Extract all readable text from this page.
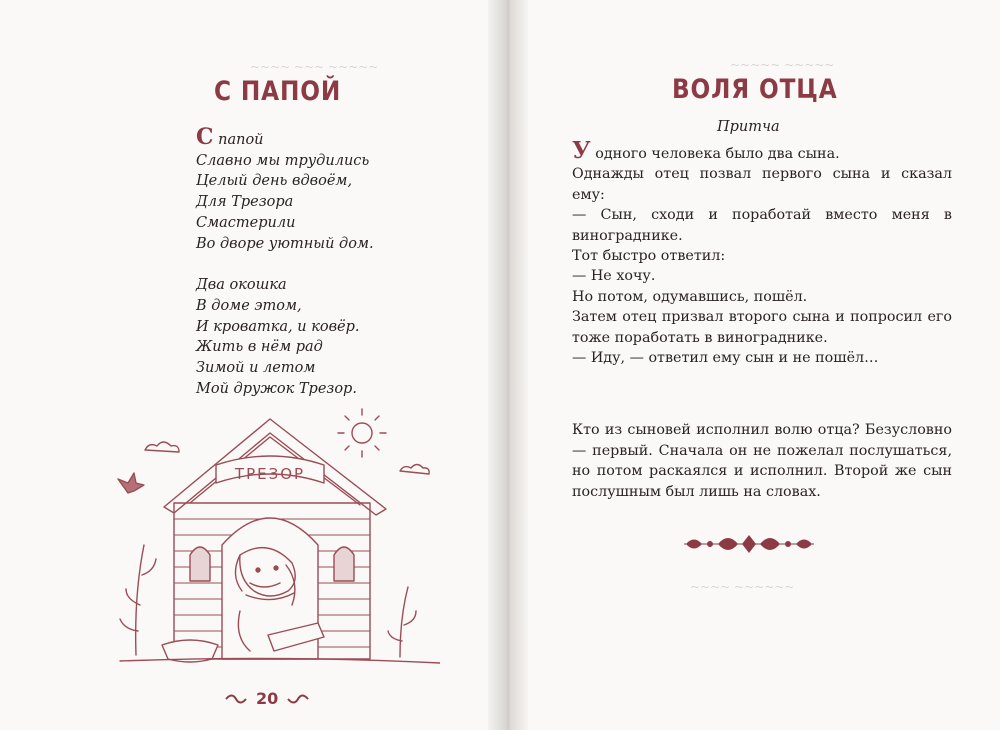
~~~~ ~~~ ~~~~~	~~~~~ ~~~~~
~~~~ ~~~~~~
С ПАПОЙ
С папой
Славно мы трудились
Целый день вдвоём,
Для Трезора
Смастерили
Во дворе уютный дом.
Два окошка
В доме этом,
И кроватка, и ковёр.
Жить в нём рад
Зимой и летом
Мой дружок Трезор.
ТРЕЗОР
20
ВОЛЯ ОТЦА
Притча

У одного человека было два сына.

Однажды отец позвал первого сына и сказал ему:

— Сын, сходи и поработай вместо меня в винограднике.

Тот быстро ответил:

— Не хочу.

Но потом, одумавшись, пошёл.

Затем отец призвал второго сына и попросил его тоже поработать в винограднике.

— Иду, — ответил ему сын и не пошёл…

Кто из сыновей исполнил волю отца? Безусловно — первый. Сначала он не пожелал послушаться, но потом раскаялся и исполнил. Второй же сын послушным был лишь на словах.
